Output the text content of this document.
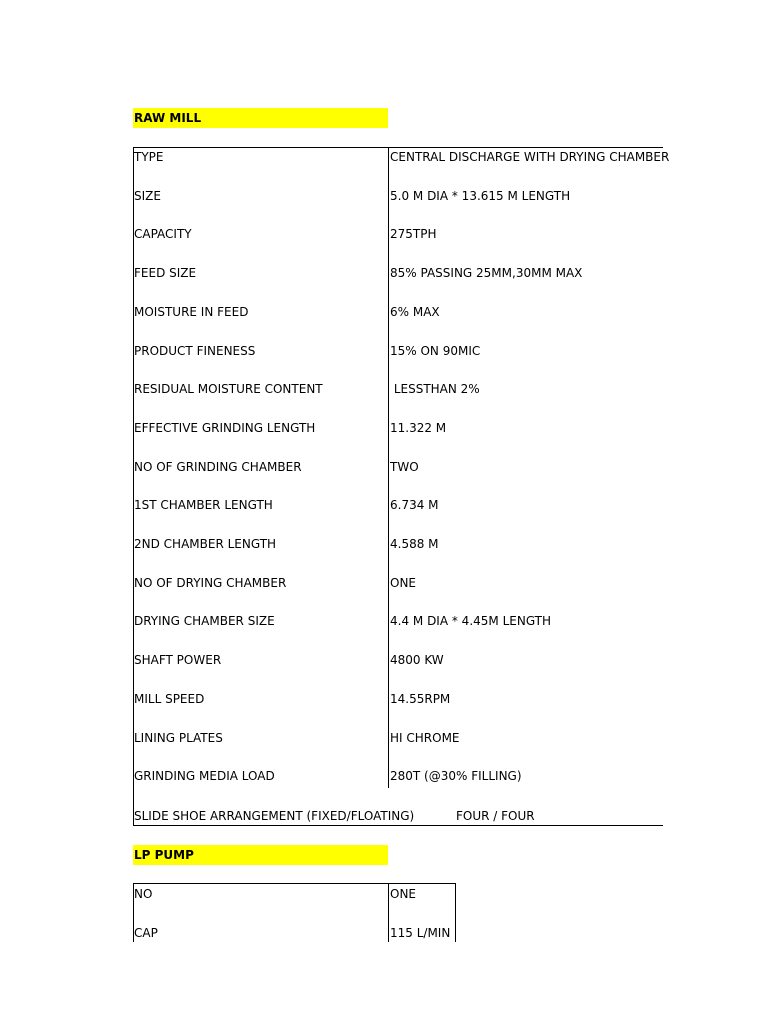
RAW MILL
TYPE	CENTRAL DISCHARGE WITH DRYING CHAMBER
SIZE	5.0 M DIA * 13.615 M LENGTH
CAPACITY	275TPH
FEED SIZE	85% PASSING 25MM,30MM MAX
MOISTURE IN FEED	6% MAX
PRODUCT FINENESS	15% ON 90MIC
RESIDUAL MOISTURE CONTENT	LESSTHAN 2%
EFFECTIVE GRINDING LENGTH	11.322 M
NO OF GRINDING CHAMBER	TWO
1ST CHAMBER LENGTH	6.734 M
2ND CHAMBER LENGTH	4.588 M
NO OF DRYING CHAMBER	ONE
DRYING CHAMBER SIZE	4.4 M DIA * 4.45M LENGTH
SHAFT POWER	4800 KW
MILL SPEED	14.55RPM
LINING PLATES	HI CHROME
GRINDING MEDIA LOAD	280T (@30% FILLING)
SLIDE SHOE ARRANGEMENT (FIXED/FLOATING)	FOUR / FOUR
LP PUMP
NO	ONE
CAP	115 L/MIN
